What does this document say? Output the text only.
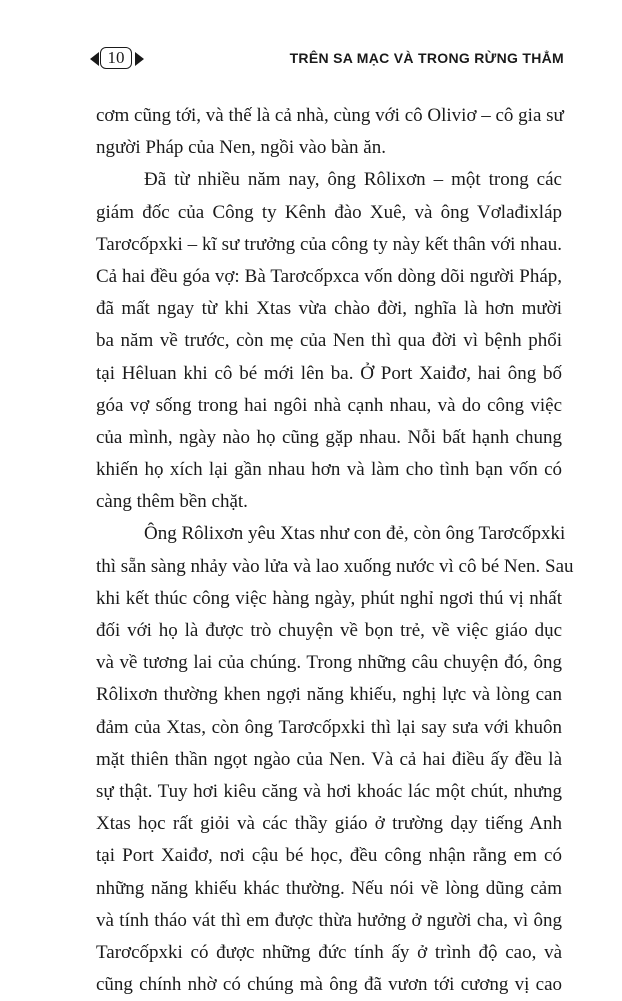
10	TRÊN SA MẠC VÀ TRONG RỪNG THẲM
cơm cũng tới, và thế là cả nhà, cùng với cô Oliviơ – cô gia sư
người Pháp của Nen, ngồi vào bàn ăn.
Đã từ nhiều năm nay, ông Rôlixơn – một trong các
giám đốc của Công ty Kênh đào Xuê, và ông Vơlađixláp
Tarơcốpxki – kĩ sư trưởng của công ty này kết thân với nhau.
Cả hai đều góa vợ: Bà Tarơcốpxca vốn dòng dõi người Pháp,
đã mất ngay từ khi Xtas vừa chào đời, nghĩa là hơn mười
ba năm về trước, còn mẹ của Nen thì qua đời vì bệnh phổi
tại Hêluan khi cô bé mới lên ba. Ở Port Xaiđơ, hai ông bố
góa vợ sống trong hai ngôi nhà cạnh nhau, và do công việc
của mình, ngày nào họ cũng gặp nhau. Nỗi bất hạnh chung
khiến họ xích lại gần nhau hơn và làm cho tình bạn vốn có
càng thêm bền chặt.
Ông Rôlixơn yêu Xtas như con đẻ, còn ông Tarơcốpxki
thì sẵn sàng nhảy vào lửa và lao xuống nước vì cô bé Nen. Sau
khi kết thúc công việc hàng ngày, phút nghỉ ngơi thú vị nhất
đối với họ là được trò chuyện về bọn trẻ, về việc giáo dục
và về tương lai của chúng. Trong những câu chuyện đó, ông
Rôlixơn thường khen ngợi năng khiếu, nghị lực và lòng can
đảm của Xtas, còn ông Tarơcốpxki thì lại say sưa với khuôn
mặt thiên thần ngọt ngào của Nen. Và cả hai điều ấy đều là
sự thật. Tuy hơi kiêu căng và hơi khoác lác một chút, nhưng
Xtas học rất giỏi và các thầy giáo ở trường dạy tiếng Anh
tại Port Xaiđơ, nơi cậu bé học, đều công nhận rằng em có
những năng khiếu khác thường. Nếu nói về lòng dũng cảm
và tính tháo vát thì em được thừa hưởng ở người cha, vì ông
Tarơcốpxki có được những đức tính ấy ở trình độ cao, và
cũng chính nhờ có chúng mà ông đã vươn tới cương vị cao
